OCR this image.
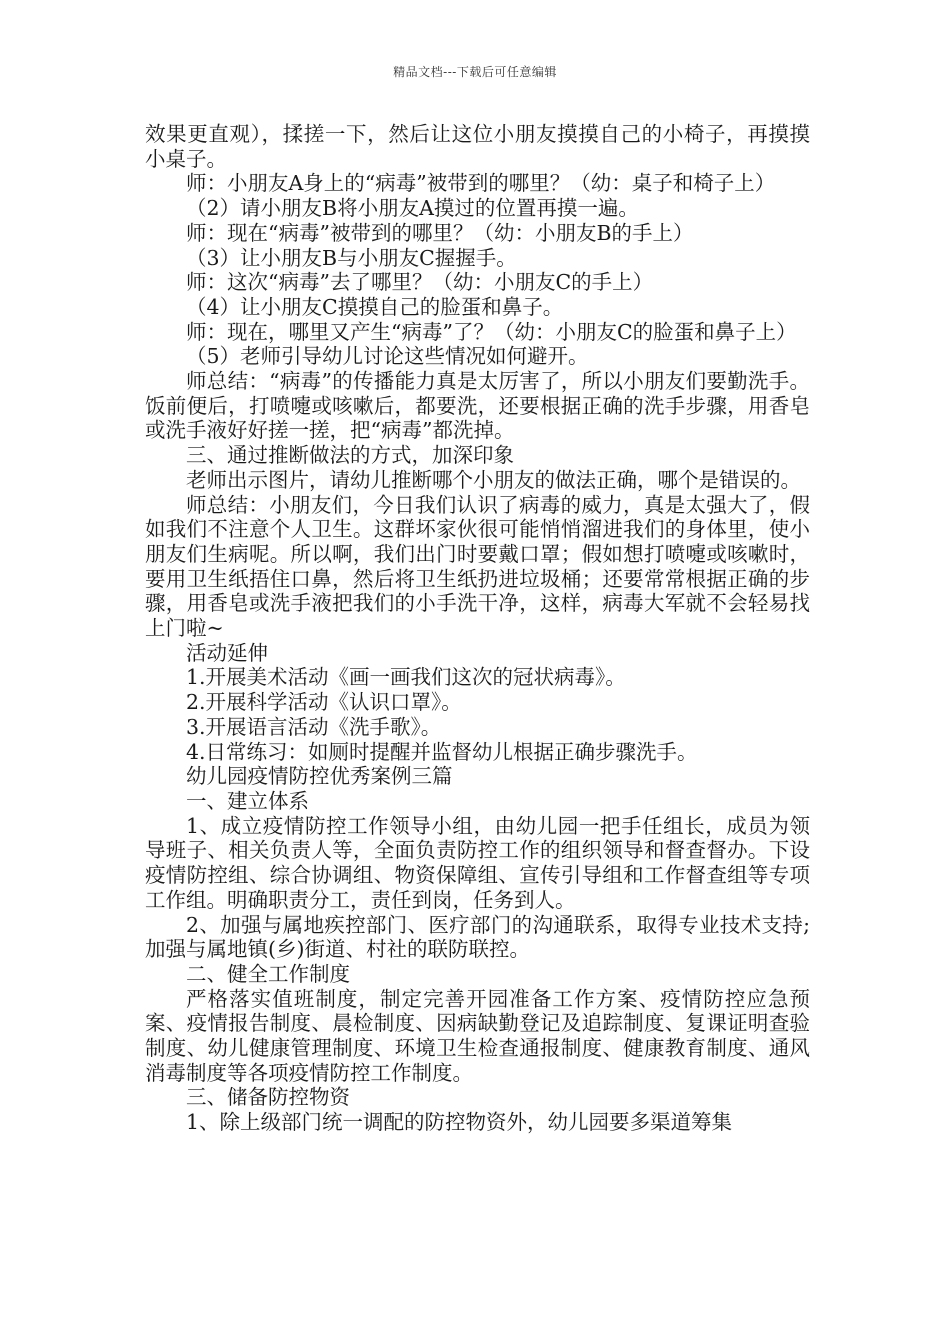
精品文档---下载后可任意编辑

效果更直观），揉搓一下，然后让这位小朋友摸摸自己的小椅子，再摸摸小桌子。

师：小朋友A身上的“病毒”被带到的哪里？（幼：桌子和椅子上）

（2）请小朋友B将小朋友A摸过的位置再摸一遍。

师：现在“病毒”被带到的哪里？（幼：小朋友B的手上）

（3）让小朋友B与小朋友C握握手。

师：这次“病毒”去了哪里？（幼：小朋友C的手上）

（4）让小朋友C摸摸自己的脸蛋和鼻子。

师：现在，哪里又产生“病毒”了？（幼：小朋友C的脸蛋和鼻子上）

（5）老师引导幼儿讨论这些情况如何避开。

师总结：“病毒”的传播能力真是太厉害了，所以小朋友们要勤洗手。饭前便后，打喷嚏或咳嗽后，都要洗，还要根据正确的洗手步骤，用香皂或洗手液好好搓一搓，把“病毒”都洗掉。

三、通过推断做法的方式，加深印象

老师出示图片，请幼儿推断哪个小朋友的做法正确，哪个是错误的。

师总结：小朋友们，今日我们认识了病毒的威力，真是太强大了，假如我们不注意个人卫生。这群坏家伙很可能悄悄溜进我们的身体里，使小朋友们生病呢。所以啊，我们出门时要戴口罩；假如想打喷嚏或咳嗽时，要用卫生纸捂住口鼻，然后将卫生纸扔进垃圾桶；还要常常根据正确的步骤，用香皂或洗手液把我们的小手洗干净，这样，病毒大军就不会轻易找上门啦~

活动延伸

1.开展美术活动《画一画我们这次的冠状病毒》。

2.开展科学活动《认识口罩》。

3.开展语言活动《洗手歌》。

4.日常练习：如厕时提醒并监督幼儿根据正确步骤洗手。

幼儿园疫情防控优秀案例三篇

一、建立体系

1、成立疫情防控工作领导小组，由幼儿园一把手任组长，成员为领导班子、相关负责人等，全面负责防控工作的组织领导和督查督办。下设疫情防控组、综合协调组、物资保障组、宣传引导组和工作督查组等专项工作组。明确职责分工，责任到岗，任务到人。

2、加强与属地疾控部门、医疗部门的沟通联系，取得专业技术支持;加强与属地镇(乡)街道、村社的联防联控。

二、健全工作制度

严格落实值班制度，制定完善开园准备工作方案、疫情防控应急预案、疫情报告制度、晨检制度、因病缺勤登记及追踪制度、复课证明查验制度、幼儿健康管理制度、环境卫生检查通报制度、健康教育制度、通风消毒制度等各项疫情防控工作制度。

三、储备防控物资

1、除上级部门统一调配的防控物资外，幼儿园要多渠道筹集
